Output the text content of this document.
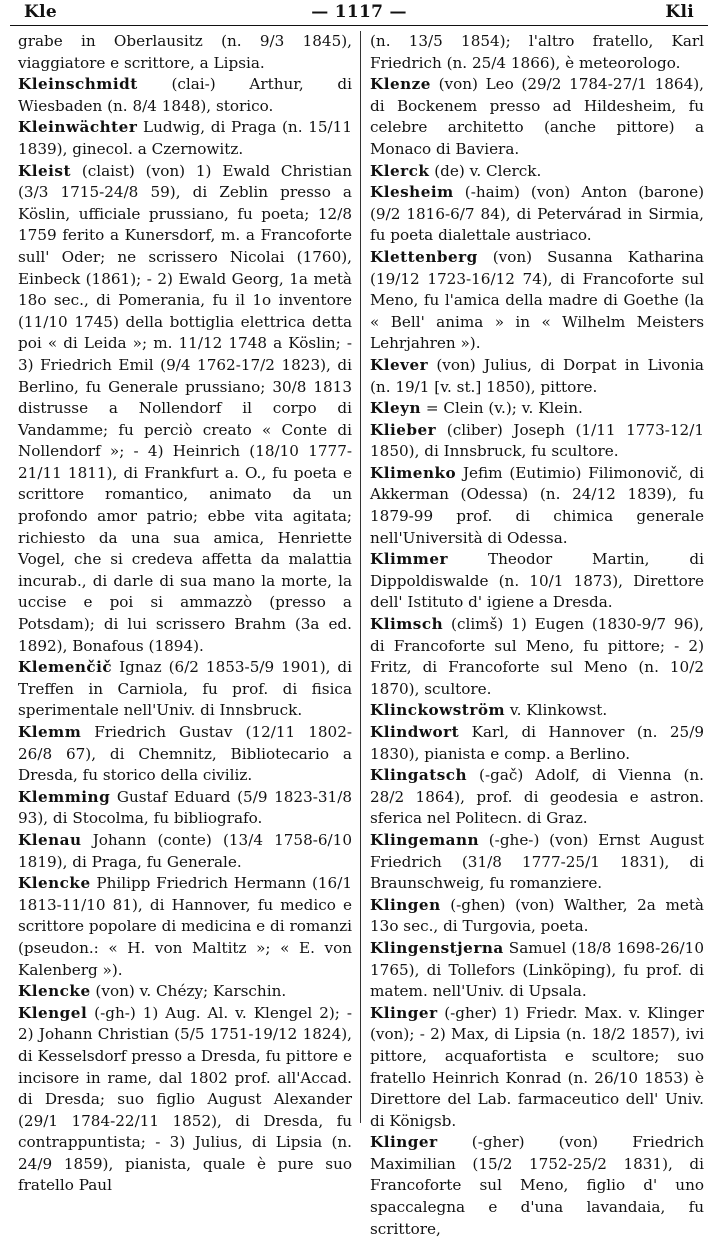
Kle	— 1117 —	Kli

grabe in Oberlausitz (n. 9/3 1845), viaggiatore e scrittore, a Lipsia.

Kleinschmidt (clai-) Arthur, di Wiesbaden (n. 8/4 1848), storico.

Kleinwächter Ludwig, di Praga (n. 15/11 1839), ginecol. a Czernowitz.

Kleist (claist) (von) 1) Ewald Christian (3/3 1715-24/8 59), di Zeblin presso a Köslin, ufficiale prussiano, fu poeta; 12/8 1759 ferito a Kunersdorf, m. a Francoforte sull' Oder; ne scrissero Nicolai (1760), Einbeck (1861); - 2) Ewald Georg, 1a metà 18o sec., di Pomerania, fu il 1o inventore (11/10 1745) della bottiglia elettrica detta poi « di Leida »; m. 11/12 1748 a Köslin; - 3) Friedrich Emil (9/4 1762-17/2 1823), di Berlino, fu Generale prussiano; 30/8 1813 distrusse a Nollendorf il corpo di Vandamme; fu perciò creato « Conte di Nollendorf »; - 4) Heinrich (18/10 1777-21/11 1811), di Frankfurt a. O., fu poeta e scrittore romantico, animato da un profondo amor patrio; ebbe vita agitata; richiesto da una sua amica, Henriette Vogel, che si credeva affetta da malattia incurab., di darle di sua mano la morte, la uccise e poi si ammazzò (presso a Potsdam); di lui scrissero Brahm (3a ed. 1892), Bonafous (1894).

Klemenčič Ignaz (6/2 1853-5/9 1901), di Treffen in Carniola, fu prof. di fisica sperimentale nell'Univ. di Innsbruck.

Klemm Friedrich Gustav (12/11 1802-26/8 67), di Chemnitz, Bibliotecario a Dresda, fu storico della civiliz.

Klemming Gustaf Eduard (5/9 1823-31/8 93), di Stocolma, fu bibliografo.

Klenau Johann (conte) (13/4 1758-6/10 1819), di Praga, fu Generale.

Klencke Philipp Friedrich Hermann (16/1 1813-11/10 81), di Hannover, fu medico e scrittore popolare di medicina e di romanzi (pseudon.: « H. von Maltitz »; « E. von Kalenberg »).

Klencke (von) v. Chézy; Karschin.

Klengel (-gh-) 1) Aug. Al. v. Klengel 2); - 2) Johann Christian (5/5 1751-19/12 1824), di Kesselsdorf presso a Dresda, fu pittore e incisore in rame, dal 1802 prof. all'Accad. di Dresda; suo figlio August Alexander (29/1 1784-22/11 1852), di Dresda, fu contrappuntista; - 3) Julius, di Lipsia (n. 24/9 1859), pianista, quale è pure suo fratello Paul

(n. 13/5 1854); l'altro fratello, Karl Friedrich (n. 25/4 1866), è meteorologo.

Klenze (von) Leo (29/2 1784-27/1 1864), di Bockenem presso ad Hildesheim, fu celebre architetto (anche pittore) a Monaco di Baviera.

Klerck (de) v. Clerck.

Klesheim (-haim) (von) Anton (barone) (9/2 1816-6/7 84), di Petervárad in Sirmia, fu poeta dialettale austriaco.

Klettenberg (von) Susanna Katharina (19/12 1723-16/12 74), di Francoforte sul Meno, fu l'amica della madre di Goethe (la « Bell' anima » in « Wilhelm Meisters Lehrjahren »).

Klever (von) Julius, di Dorpat in Livonia (n. 19/1 [v. st.] 1850), pittore.

Kleyn = Clein (v.); v. Klein.

Klieber (cliber) Joseph (1/11 1773-12/1 1850), di Innsbruck, fu scultore.

Klimenko Jefim (Eutimio) Filimonovič, di Akkerman (Odessa) (n. 24/12 1839), fu 1879-99 prof. di chimica generale nell'Università di Odessa.

Klimmer Theodor Martin, di Dippoldiswalde (n. 10/1 1873), Direttore dell' Istituto d' igiene a Dresda.

Klimsch (climš) 1) Eugen (1830-9/7 96), di Francoforte sul Meno, fu pittore; - 2) Fritz, di Francoforte sul Meno (n. 10/2 1870), scultore.

Klinckowström v. Klinkowst.

Klindwort Karl, di Hannover (n. 25/9 1830), pianista e comp. a Berlino.

Klingatsch (-gač) Adolf, di Vienna (n. 28/2 1864), prof. di geodesia e astron. sferica nel Politecn. di Graz.

Klingemann (-ghe-) (von) Ernst August Friedrich (31/8 1777-25/1 1831), di Braunschweig, fu romanziere.

Klingen (-ghen) (von) Walther, 2a metà 13o sec., di Turgovia, poeta.

Klingenstjerna Samuel (18/8 1698-26/10 1765), di Tollefors (Linköping), fu prof. di matem. nell'Univ. di Upsala.

Klinger (-gher) 1) Friedr. Max. v. Klinger (von); - 2) Max, di Lipsia (n. 18/2 1857), ivi pittore, acquafortista e scultore; suo fratello Heinrich Konrad (n. 26/10 1853) è Direttore del Lab. farmaceutico dell' Univ. di Königsb.

Klinger (-gher) (von) Friedrich Maximilian (15/2 1752-25/2 1831), di Francoforte sul Meno, figlio d' uno spaccalegna e d'una lavandaia, fu scrittore,
